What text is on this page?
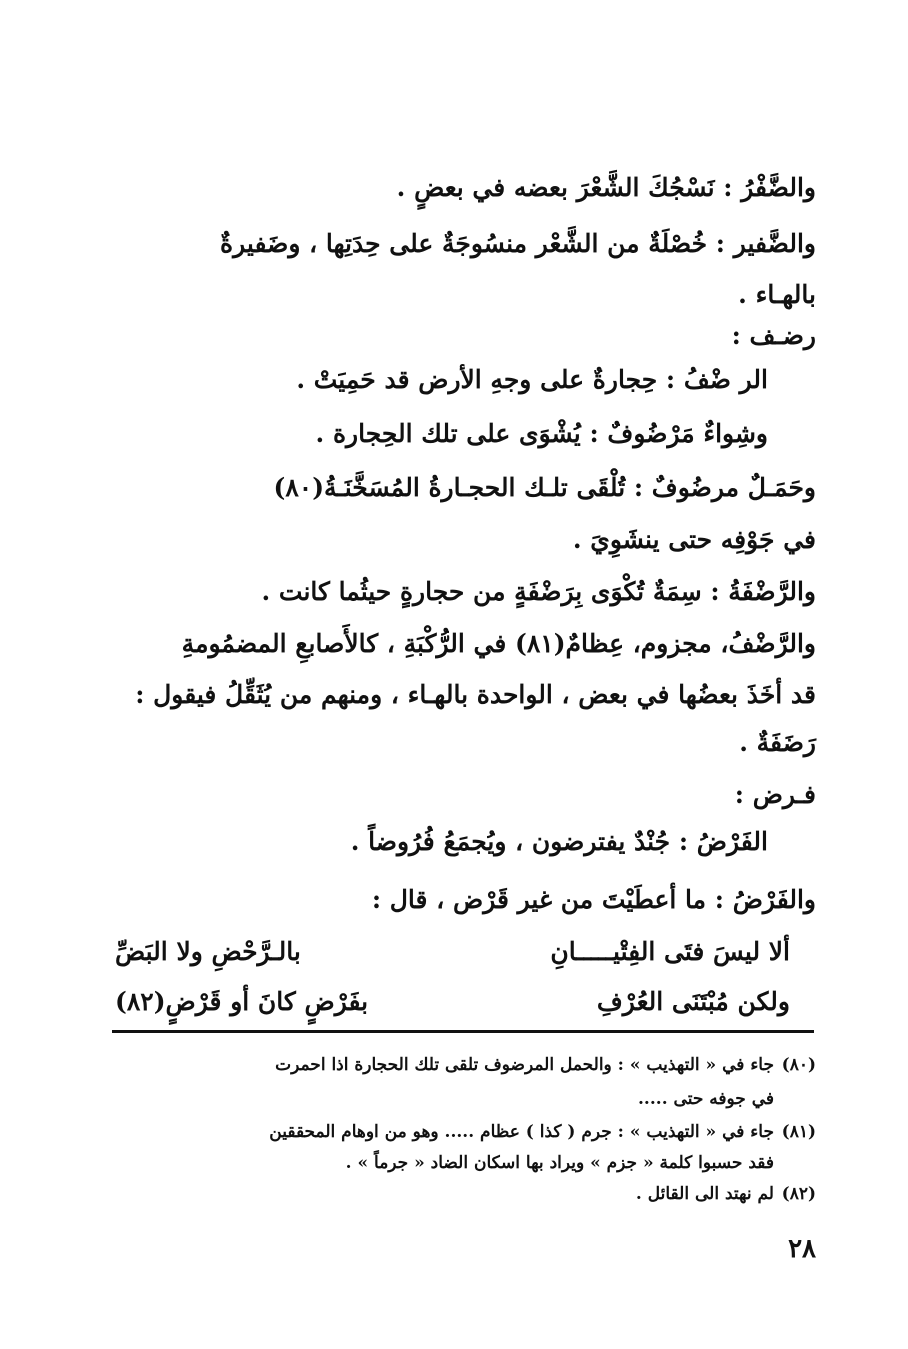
والضَّفْرُ : نَسْجُكَ الشَّعْرَ بعضه في بعضٍ .
والضَّفير : خُصْلَةٌ من الشَّعْر منسُوجَةٌ على حِدَتِها ، وضَفيرةٌ
بالهـاء .
رضـف :
الر ضْفُ : حِجارةٌ على وجهِ الأرض قد حَمِيَتْ .
وشِواءٌ مَرْضُوفٌ : يُشْوَى على تلك الحِجارة .
وحَمَـلٌ مرضُوفٌ : تُلْقَى تلـك الحجـارةُ المُسَخَّنَـةُ(٨٠)
في جَوْفِه حتى ينشَوِيَ .
والرَّضْفَةُ : سِمَةٌ تُكْوَى بِرَضْفَةٍ من حجارةٍ حيثُما كانت .
والرَّضْفُ، مجزوم، عِظامٌ(٨١) في الرُّكْبَةِ ، كالأَصابعِ المضمُومةِ
قد أخَذَ بعضُها في بعض ، الواحدة بالهـاء ، ومنهم من يُثَقِّلُ فيقول :
رَضَفَةٌ .
فـرض :
الفَرْضُ : جُنْدٌ يفترضون ، ويُجمَعُ فُرُوضاً .
والفَرْضُ : ما أعطَيْتَ من غير قَرْض ، قال :
ألا ليسَ فتَى الفِتْيـــــانِ
بالـرَّحْضِ ولا البَضِّ
ولكن مُبْتَنَى العُرْفِ
بفَرْضٍ كانَ أو قَرْضٍ(٨٢)
(٨٠)جاء في « التهذيب » : والحمل المرضوف تلقى تلك الحجارة اذا احمرت
في جوفه حتى .....
(٨١)جاء في « التهذيب » : جرم ( كذا ) عظام ..... وهو من اوهام المحققين
فقد حسبوا كلمة « جزم » ويراد بها اسكان الضاد « جرماً » .
(٨٢)لم نهتد الى القائل .
٢٨
